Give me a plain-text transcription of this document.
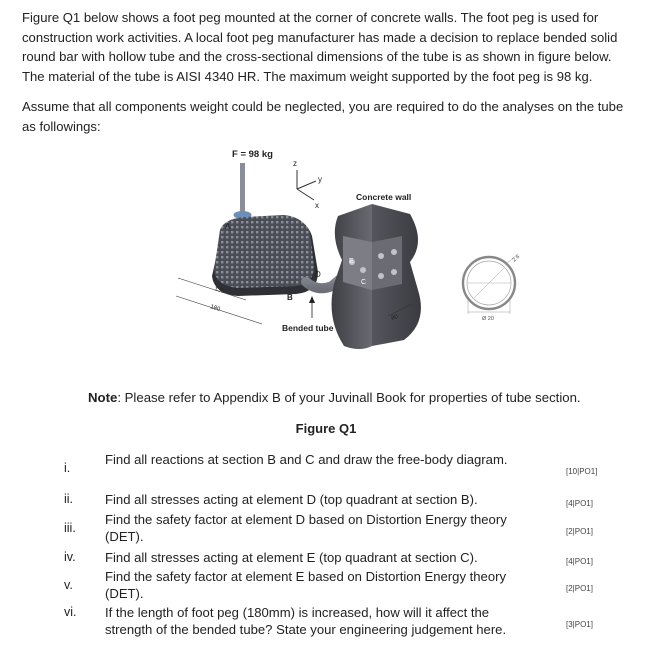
Figure Q1 below shows a foot peg mounted at the corner of concrete walls. The foot peg is used for construction work activities. A local foot peg manufacturer has made a decision to replace bended solid round bar with hollow tube and the cross-sectional dimensions of the tube is as shown in figure below. The material of the tube is AISI 4340 HR. The maximum weight supported by the foot peg is 98 kg.

Assume that all components weight could be neglected, you are required to do the analyses on the tube as followings:

F = 98 kg
z
y
x
A
D
B
Concrete wall
E
C
130
180
80
Bended tube
2.6
Ø 20
Note: Please refer to Appendix B of your Juvinall Book for properties of tube section.
Figure Q1
i.
Find all reactions at section B and C and draw the free-body diagram.
[10|PO1]
ii.	Find all stresses acting at element D (top quadrant at section B).	[4|PO1]
iii.
Find the safety factor at element D based on Distortion Energy theory (DET).	[2|PO1]
iv.	Find all stresses acting at element E (top quadrant at section C).	[4|PO1]
v.
Find the safety factor at element E based on Distortion Energy theory (DET).	[2|PO1]
vi. If the length of foot peg (180mm) is increased, how will it affect the strength of the bended tube? State your engineering judgement here.	[3|PO1]
